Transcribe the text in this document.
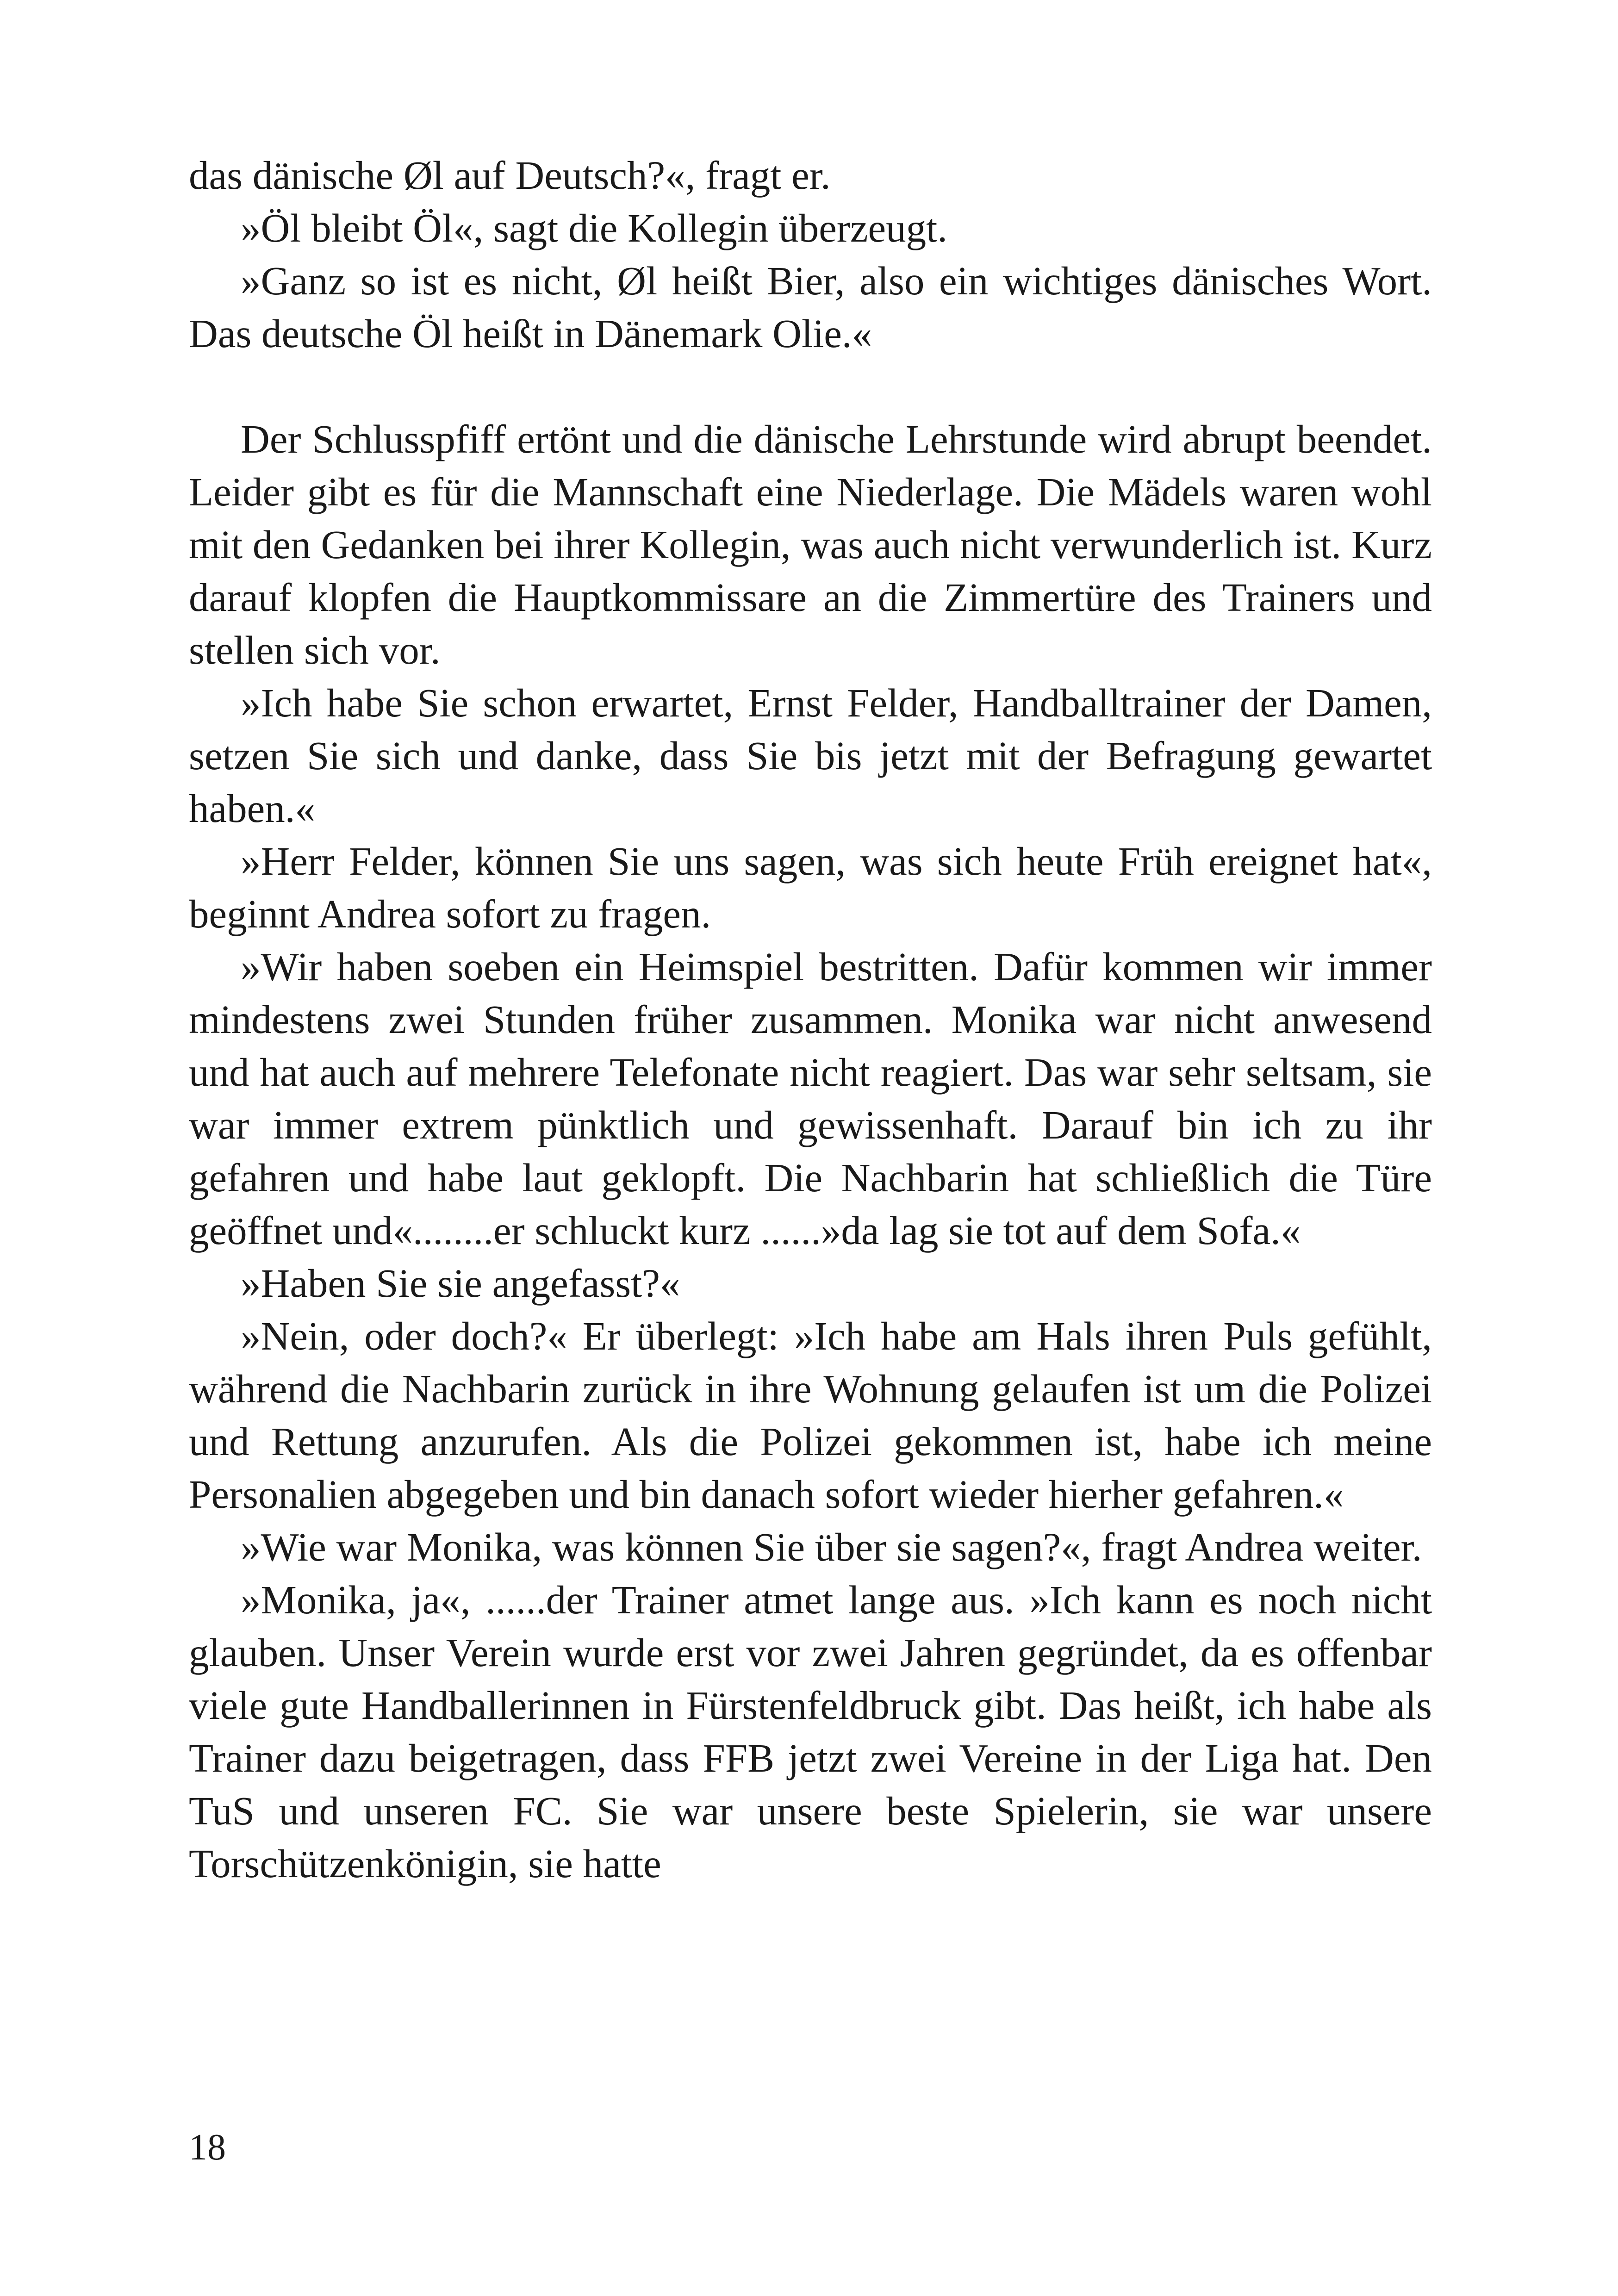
das dänische Øl auf Deutsch?«, fragt er.

»Öl bleibt Öl«, sagt die Kollegin überzeugt.

»Ganz so ist es nicht, Øl heißt Bier, also ein wichtiges dänisches Wort. Das deutsche Öl heißt in Dänemark Olie.«

Der Schlusspfiff ertönt und die dänische Lehrstunde wird abrupt beendet. Leider gibt es für die Mannschaft eine Niederlage. Die Mädels waren wohl mit den Gedanken bei ihrer Kollegin, was auch nicht verwunderlich ist. Kurz darauf klopfen die Hauptkommissare an die Zimmertüre des Trainers und stellen sich vor.

»Ich habe Sie schon erwartet, Ernst Felder, Handballtrainer der Damen, setzen Sie sich und danke, dass Sie bis jetzt mit der Befragung gewartet haben.«

»Herr Felder, können Sie uns sagen, was sich heute Früh ereignet hat«, beginnt Andrea sofort zu fragen.

»Wir haben soeben ein Heimspiel bestritten. Dafür kommen wir immer mindestens zwei Stunden früher zusammen. Monika war nicht anwesend und hat auch auf mehrere Telefonate nicht reagiert. Das war sehr seltsam, sie war immer extrem pünktlich und gewissenhaft. Darauf bin ich zu ihr gefahren und habe laut geklopft. Die Nachbarin hat schließlich die Türe geöffnet und«........er schluckt kurz ......»da lag sie tot auf dem Sofa.«

»Haben Sie sie angefasst?«

»Nein, oder doch?« Er überlegt: »Ich habe am Hals ihren Puls gefühlt, während die Nachbarin zurück in ihre Wohnung gelaufen ist um die Polizei und Rettung anzurufen. Als die Polizei gekommen ist, habe ich meine Personalien abgegeben und bin danach sofort wieder hierher gefahren.«

»Wie war Monika, was können Sie über sie sagen?«, fragt Andrea weiter.

»Monika, ja«, ......der Trainer atmet lange aus. »Ich kann es noch nicht glauben. Unser Verein wurde erst vor zwei Jahren gegründet, da es offenbar viele gute Handballerinnen in Fürstenfeldbruck gibt. Das heißt, ich habe als Trainer dazu beigetragen, dass FFB jetzt zwei Vereine in der Liga hat. Den TuS und unseren FC. Sie war unsere beste Spielerin, sie war unsere Torschützenkönigin, sie hatte

18
